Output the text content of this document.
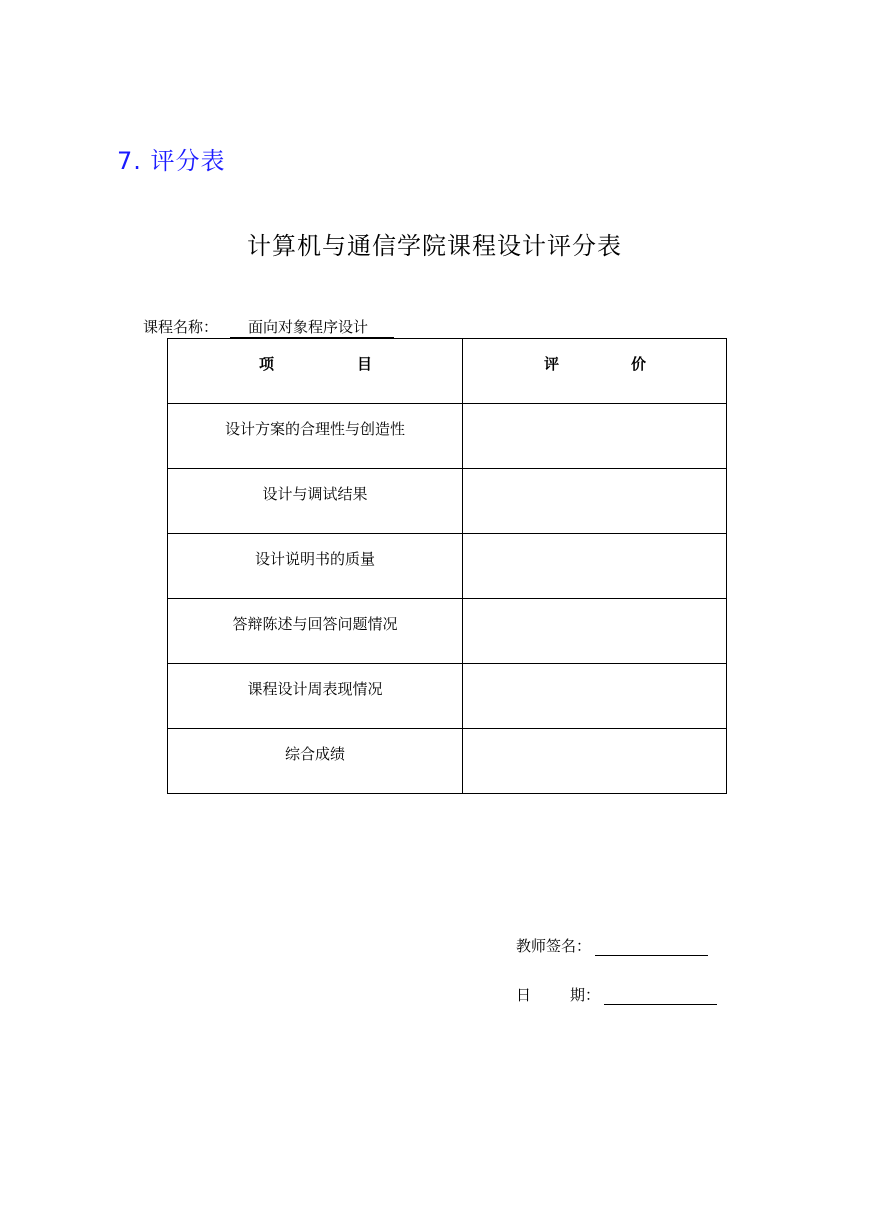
7. 评分表
计算机与通信学院课程设计评分表
课程名称： 面向对象程序设计
项 目	评 价

设计方案的合理性与创造性	
设计与调试结果	
设计说明书的质量	
答辩陈述与回答问题情况	
课程设计周表现情况	
综合成绩	
教师签名：
日	期：
